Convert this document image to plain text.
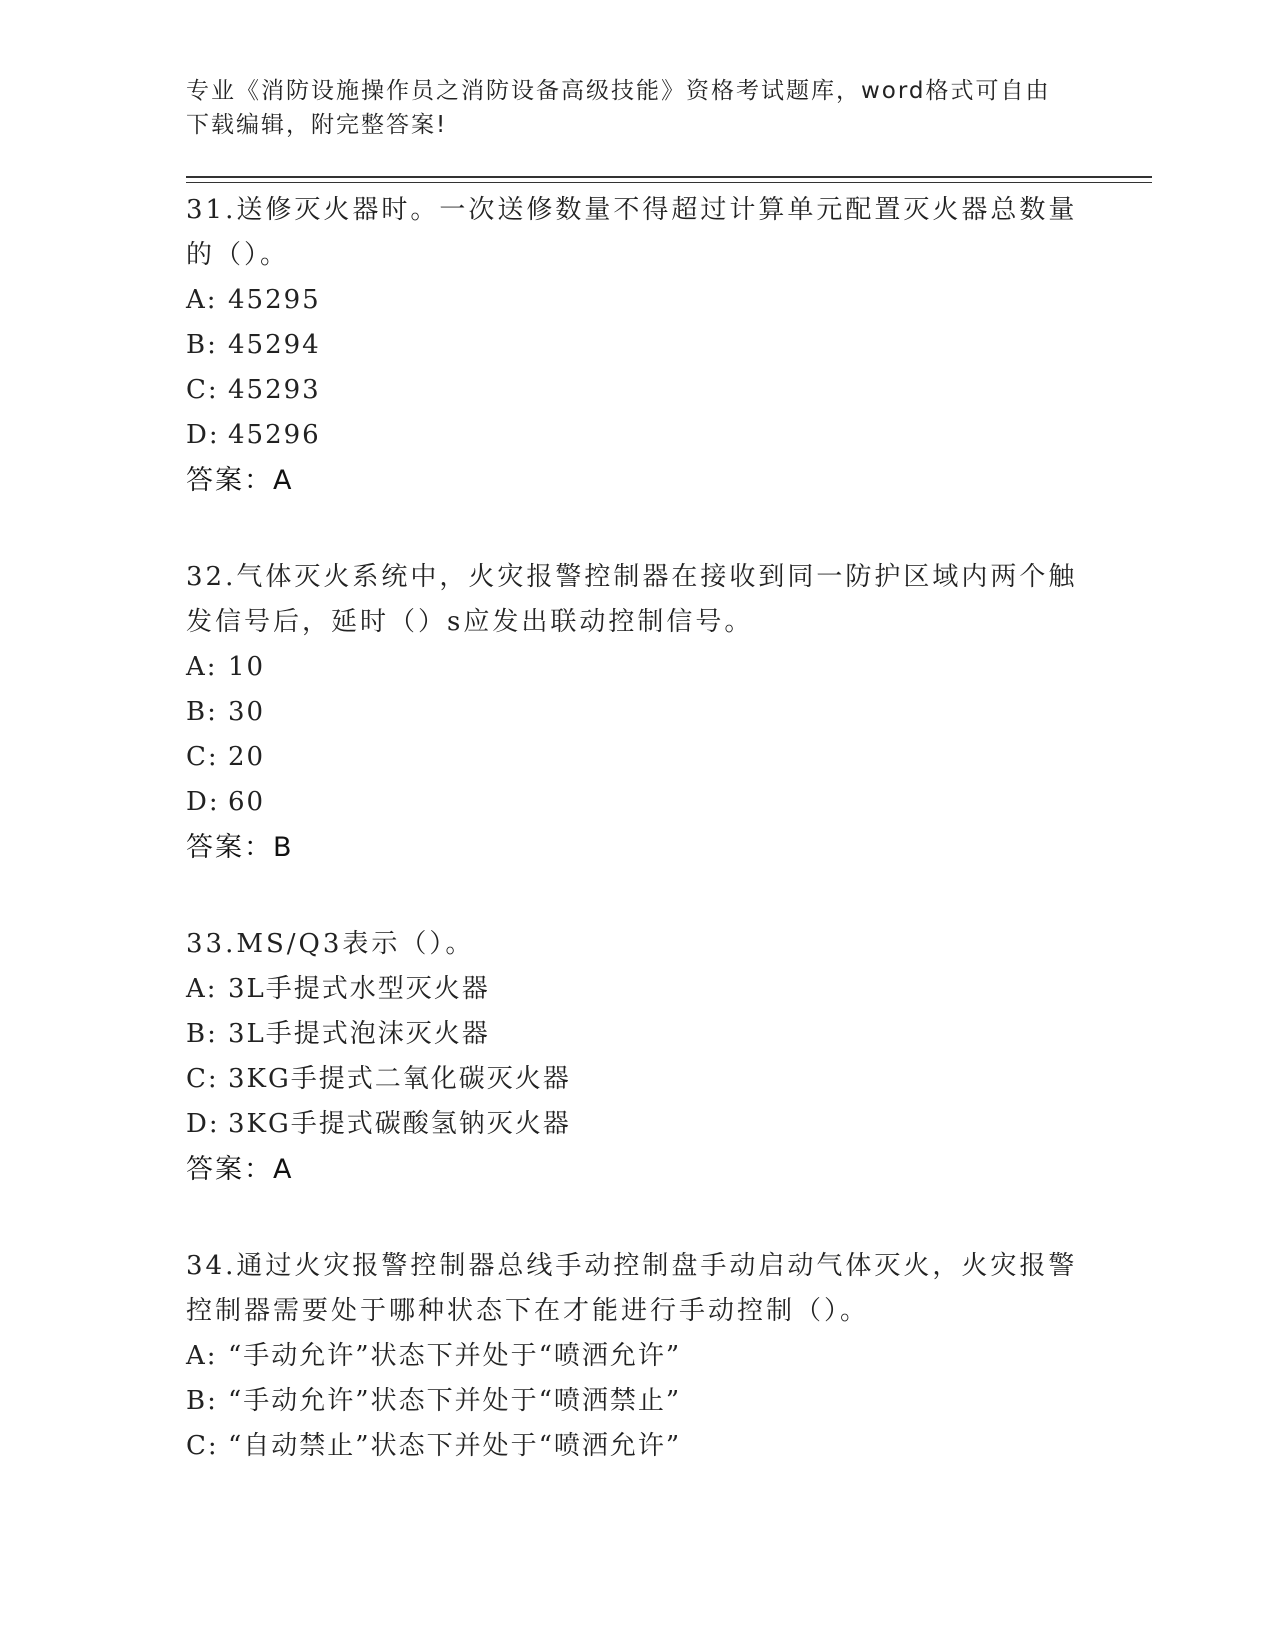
专业《消防设施操作员之消防设备高级技能》资格考试题库，word格式可自由下载编辑，附完整答案!
31.送修灭火器时。一次送修数量不得超过计算单元配置灭火器总数量的（）。
A: 45295
B: 45294
C: 45293
D: 45296
答案：A
32.气体灭火系统中，火灾报警控制器在接收到同一防护区域内两个触发信号后，延时（）s应发出联动控制信号。
A: 10
B: 30
C: 20
D: 60
答案：B
33.MS/Q3表示（）。
A: 3L手提式水型灭火器
B: 3L手提式泡沫灭火器
C: 3KG手提式二氧化碳灭火器
D: 3KG手提式碳酸氢钠灭火器
答案：A
34.通过火灾报警控制器总线手动控制盘手动启动气体灭火，火灾报警控制器需要处于哪种状态下在才能进行手动控制（）。
A: “手动允许”状态下并处于“喷洒允许”
B: “手动允许”状态下并处于“喷洒禁止”
C: “自动禁止”状态下并处于“喷洒允许”
